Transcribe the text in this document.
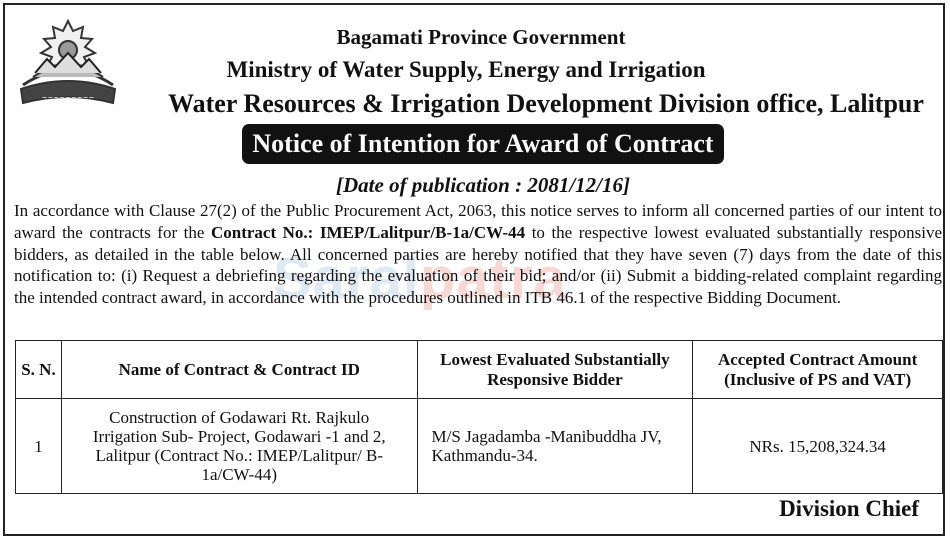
~~~~~~~~~
Bagamati Province Government
Ministry of Water Supply, Energy and Irrigation
Water Resources & Irrigation Development Division office, Lalitpur
Notice of Intention for Award of Contract
[Date of publication : 2081/12/16]
Saralpatra

In accordance with Clause 27(2) of the Public Procurement Act, 2063, this notice serves to inform all concerned parties of our intent to award the contracts for the Contract No.: IMEP/Lalitpur/B-1a/CW-44 to the respective lowest evaluated substantially responsive bidders, as detailed in the table below. All concerned parties are hereby notified that they have seven (7) days from the date of this notification to: (i) Request a debriefing regarding the evaluation of their bid; and/or (ii) Submit a bidding-related complaint regarding the intended contract award, in accordance with the procedures outlined in ITB 46.1 of the respective Bidding Document.

S. N.	Name of Contract & Contract ID	Lowest Evaluated Substantially Responsive Bidder	Accepted Contract Amount (Inclusive of PS and VAT)
1	Construction of Godawari Rt. Rajkulo Irrigation Sub- Project, Godawari -1 and 2, Lalitpur (Contract No.: IMEP/Lalitpur/ B-1a/CW-44)	M/S Jagadamba -Manibuddha JV, Kathmandu-34.	NRs. 15,208,324.34
Division Chief
